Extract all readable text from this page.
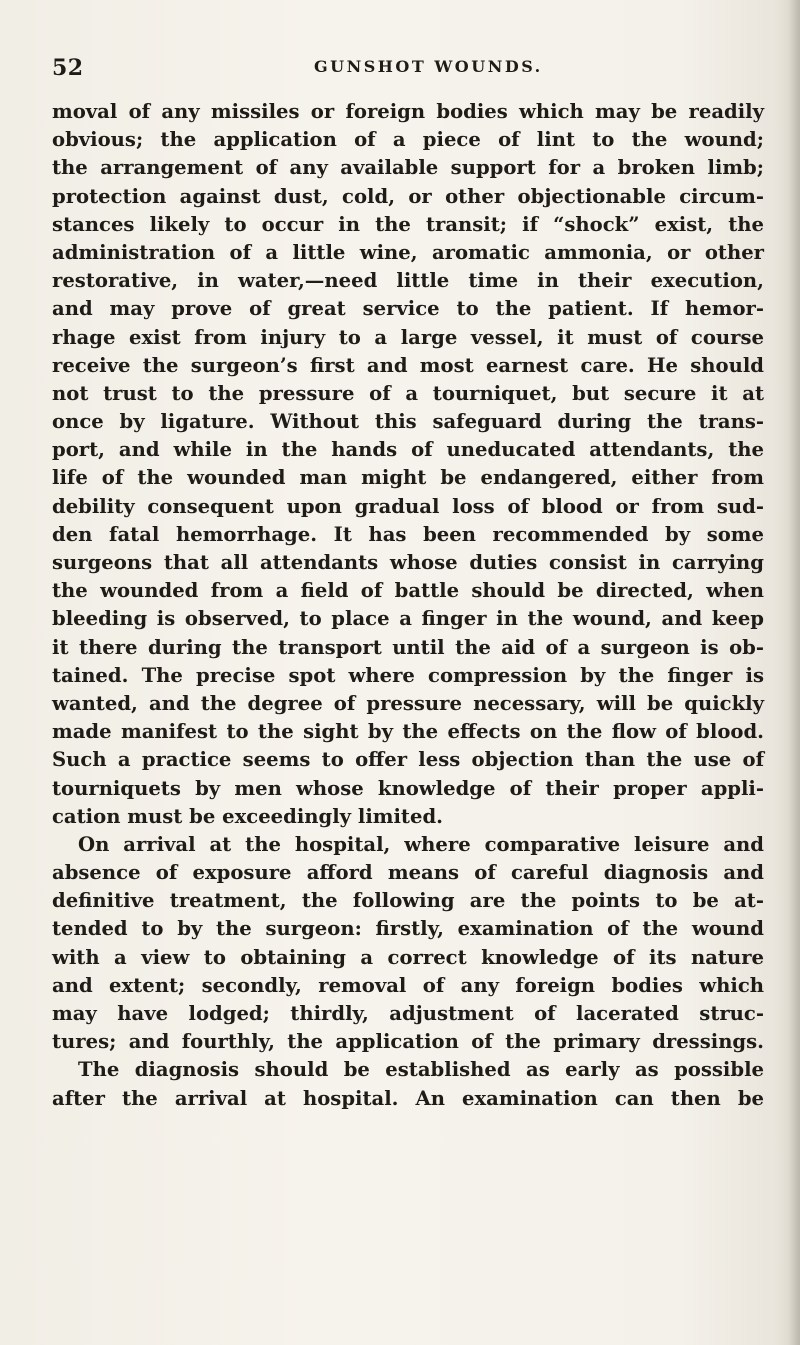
52	GUNSHOT WOUNDS.
moval of any missiles or foreign bodies which may be readily
obvious; the application of a piece of lint to the wound;
the arrangement of any available support for a broken limb;
protection against dust, cold, or other objectionable circum-
stances likely to occur in the transit; if “shock” exist, the
administration of a little wine, aromatic ammonia, or other
restorative, in water,—need little time in their execution,
and may prove of great service to the patient. If hemor-
rhage exist from injury to a large vessel, it must of course
receive the surgeon’s first and most earnest care. He should
not trust to the pressure of a tourniquet, but secure it at
once by ligature. Without this safeguard during the trans-
port, and while in the hands of uneducated attendants, the
life of the wounded man might be endangered, either from
debility consequent upon gradual loss of blood or from sud-
den fatal hemorrhage. It has been recommended by some
surgeons that all attendants whose duties consist in carrying
the wounded from a field of battle should be directed, when
bleeding is observed, to place a finger in the wound, and keep
it there during the transport until the aid of a surgeon is ob-
tained. The precise spot where compression by the finger is
wanted, and the degree of pressure necessary, will be quickly
made manifest to the sight by the effects on the flow of blood.
Such a practice seems to offer less objection than the use of
tourniquets by men whose knowledge of their proper appli-
cation must be exceedingly limited.
On arrival at the hospital, where comparative leisure and
absence of exposure afford means of careful diagnosis and
definitive treatment, the following are the points to be at-
tended to by the surgeon: firstly, examination of the wound
with a view to obtaining a correct knowledge of its nature
and extent; secondly, removal of any foreign bodies which
may have lodged; thirdly, adjustment of lacerated struc-
tures; and fourthly, the application of the primary dressings.
The diagnosis should be established as early as possible
after the arrival at hospital. An examination can then be
